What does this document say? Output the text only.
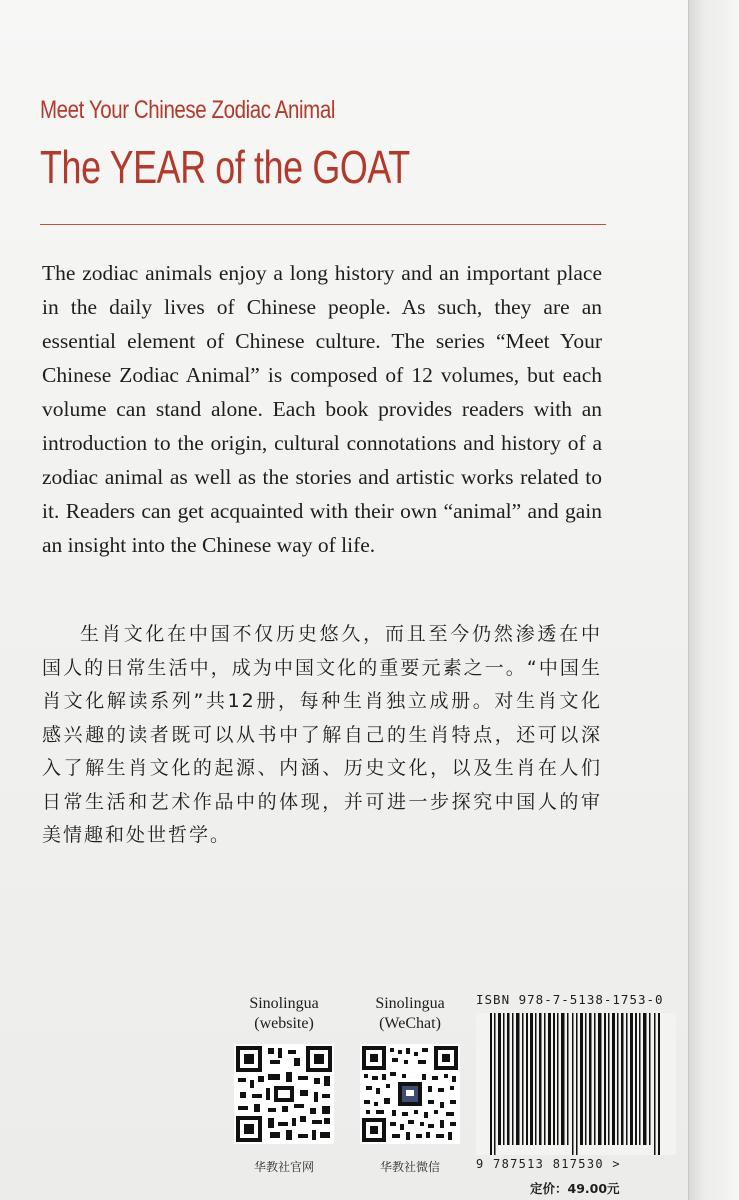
Meet Your Chinese Zodiac Animal
The YEAR of the GOAT
The zodiac animals enjoy a long history and an important place in the daily lives of Chinese people. As such, they are an essential element of Chinese culture. The series “Meet Your Chinese Zodiac Animal” is composed of 12 volumes, but each volume can stand alone. Each book provides readers with an introduction to the origin, cultural connotations and history of a zodiac animal as well as the stories and artistic works related to it. Readers can get acquainted with their own “animal” and gain an insight into the Chinese way of life.
生肖文化在中国不仅历史悠久，而且至今仍然渗透在中国人的日常生活中，成为中国文化的重要元素之一。“中国生肖文化解读系列”共12册，每种生肖独立成册。对生肖文化感兴趣的读者既可以从书中了解自己的生肖特点，还可以深入了解生肖文化的起源、内涵、历史文化，以及生肖在人们日常生活和艺术作品中的体现，并可进一步探究中国人的审美情趣和处世哲学。
Sinolingua
(website)
华教社官网
Sinolingua
(WeChat)
华教社微信
ISBN 978-7-5138-1753-0
9 787513 817530 >
定价：49.00元
